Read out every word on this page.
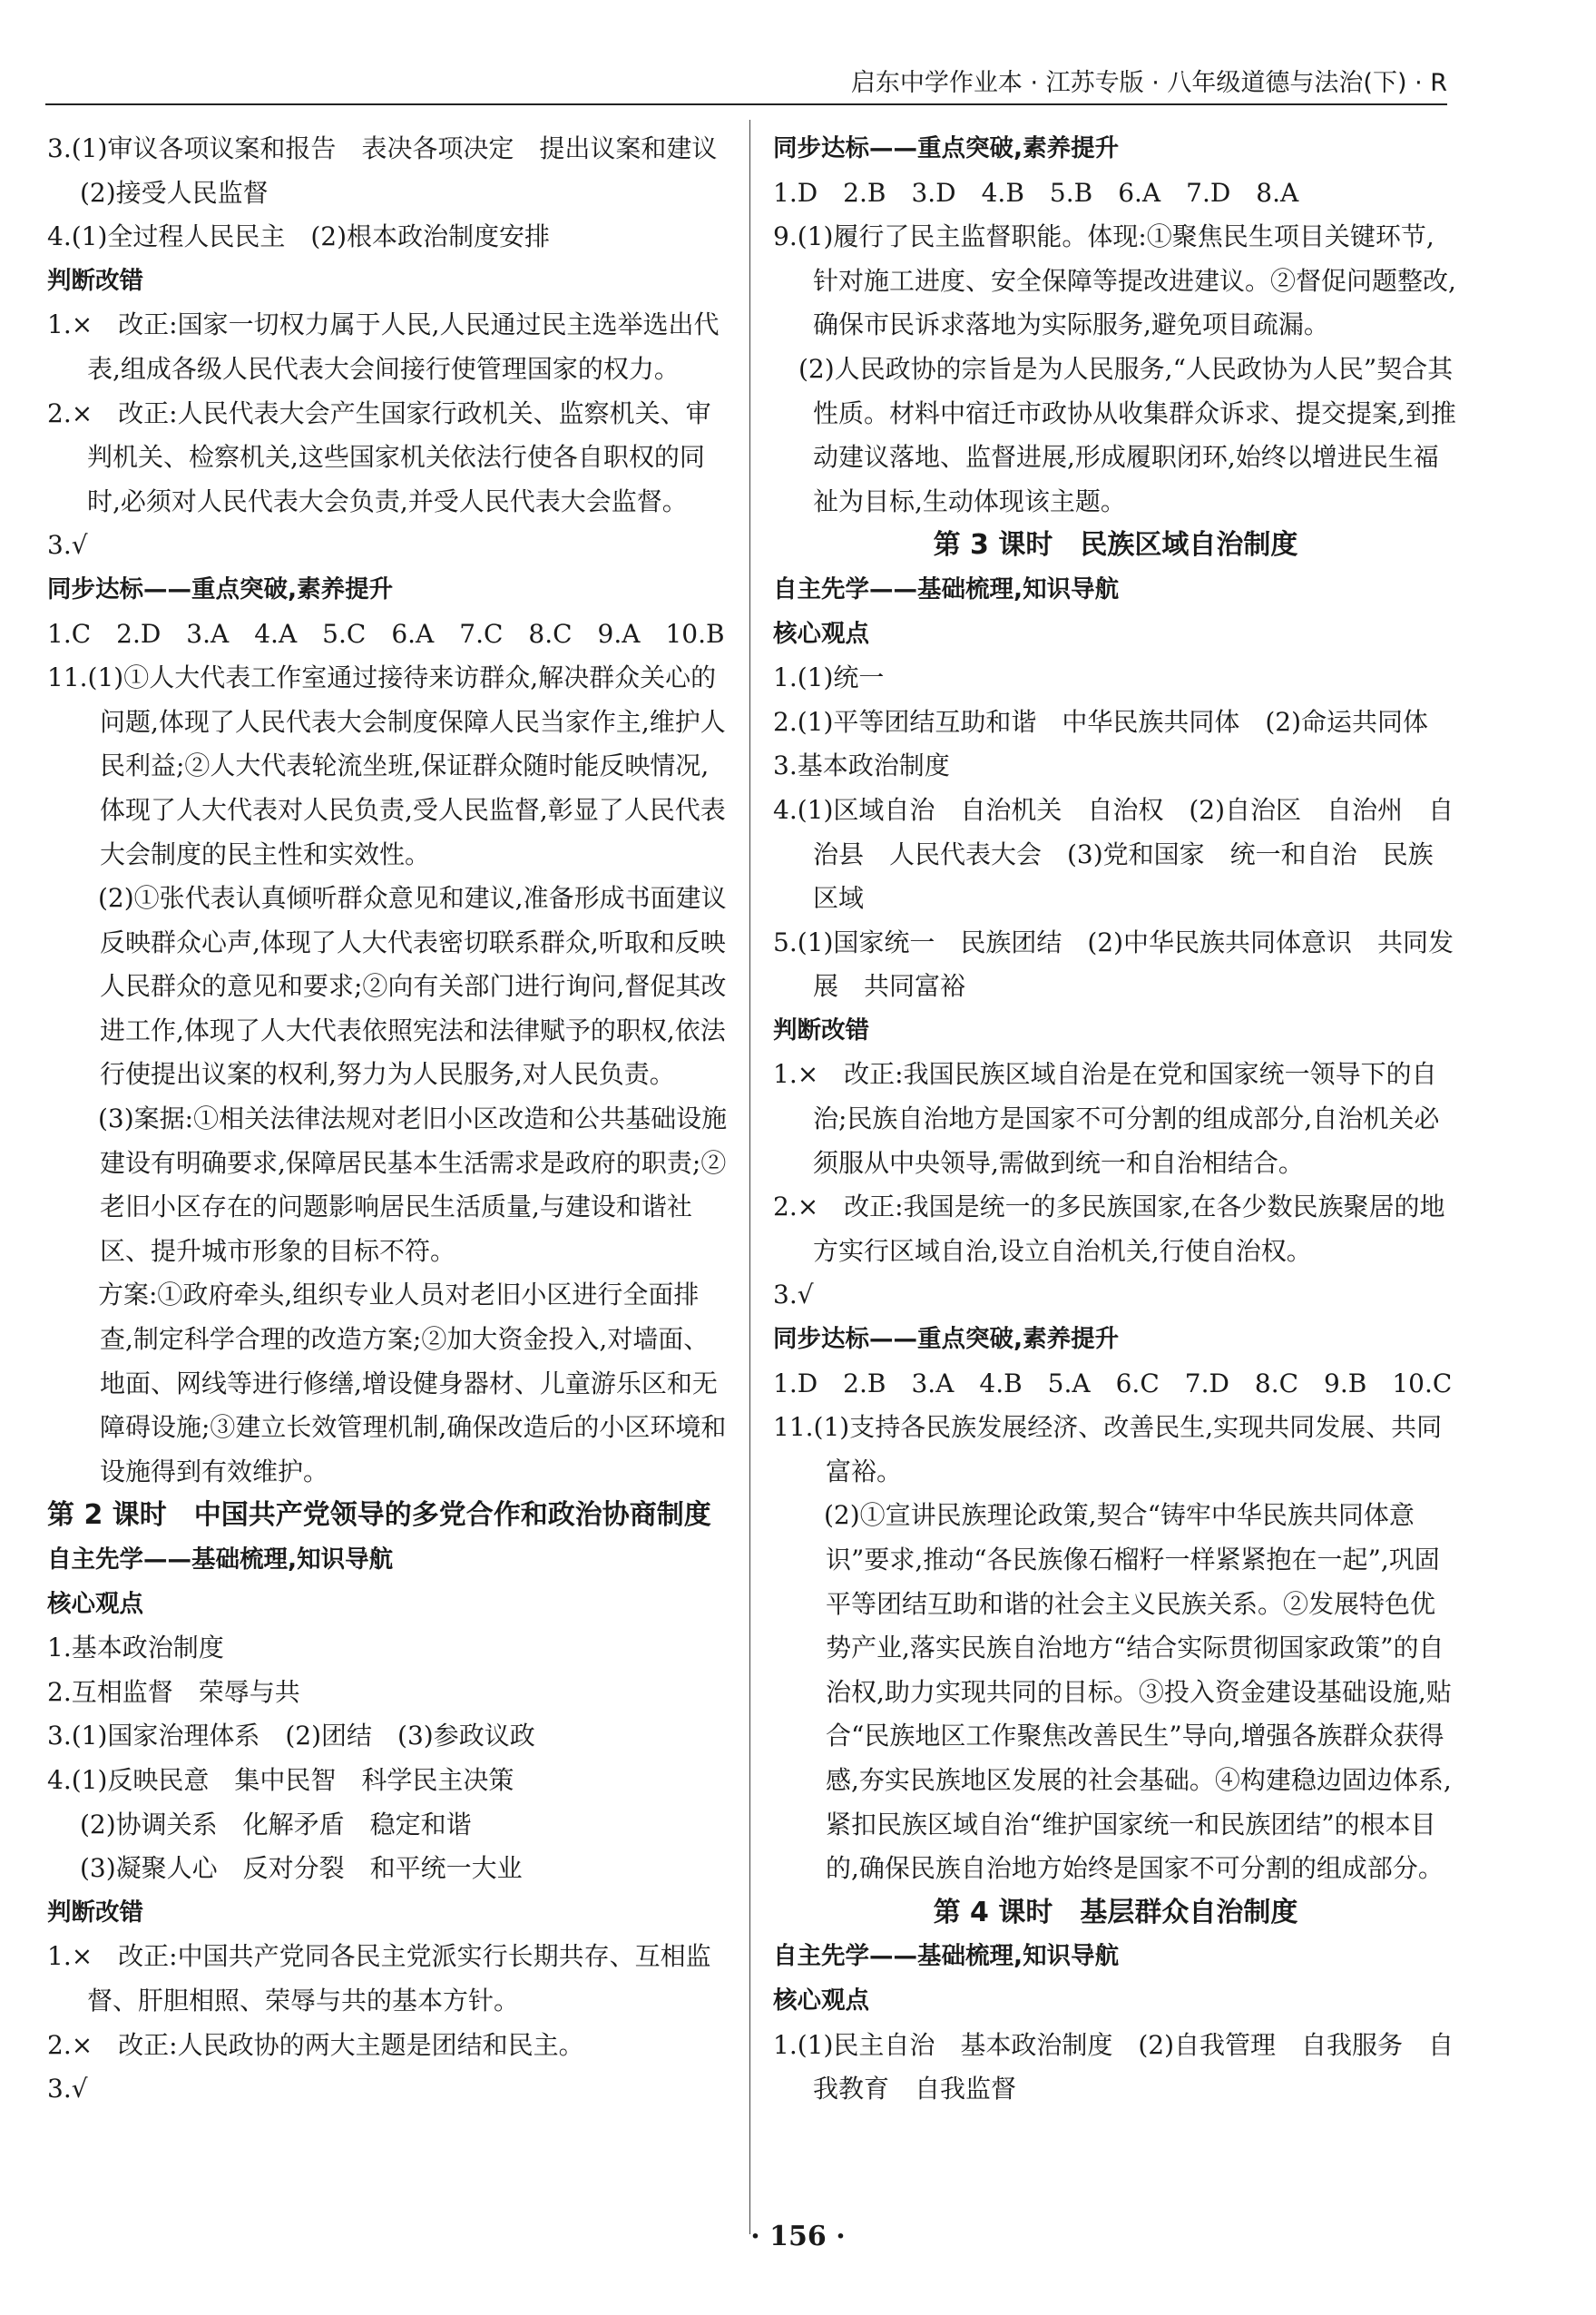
启东中学作业本 · 江苏专版 · 八年级道德与法治(下) · R

3.(1)审议各项议案和报告　表决各项决定　提出议案和建议

(2)接受人民监督

4.(1)全过程人民民主　(2)根本政治制度安排

判断改错

1.×　改正:国家一切权力属于人民,人民通过民主选举选出代表,组成各级人民代表大会间接行使管理国家的权力。

2.×　改正:人民代表大会产生国家行政机关、监察机关、审判机关、检察机关,这些国家机关依法行使各自职权的同时,必须对人民代表大会负责,并受人民代表大会监督。

3.√

同步达标——重点突破,素养提升

1.C　2.D　3.A　4.A　5.C　6.A　7.C　8.C　9.A　10.B

11.(1)①人大代表工作室通过接待来访群众,解决群众关心的问题,体现了人民代表大会制度保障人民当家作主,维护人民利益;②人大代表轮流坐班,保证群众随时能反映情况,体现了人大代表对人民负责,受人民监督,彰显了人民代表大会制度的民主性和实效性。

　　(2)①张代表认真倾听群众意见和建议,准备形成书面建议反映群众心声,体现了人大代表密切联系群众,听取和反映人民群众的意见和要求;②向有关部门进行询问,督促其改进工作,体现了人大代表依照宪法和法律赋予的职权,依法行使提出议案的权利,努力为人民服务,对人民负责。

　　(3)案据:①相关法律法规对老旧小区改造和公共基础设施建设有明确要求,保障居民基本生活需求是政府的职责;②老旧小区存在的问题影响居民生活质量,与建设和谐社区、提升城市形象的目标不符。

　　方案:①政府牵头,组织专业人员对老旧小区进行全面排查,制定科学合理的改造方案;②加大资金投入,对墙面、地面、网线等进行修缮,增设健身器材、儿童游乐区和无障碍设施;③建立长效管理机制,确保改造后的小区环境和设施得到有效维护。

第 2 课时　中国共产党领导的多党合作和政治协商制度

自主先学——基础梳理,知识导航

核心观点

1.基本政治制度

2.互相监督　荣辱与共

3.(1)国家治理体系　(2)团结　(3)参政议政

4.(1)反映民意　集中民智　科学民主决策

(2)协调关系　化解矛盾　稳定和谐

(3)凝聚人心　反对分裂　和平统一大业

判断改错

1.×　改正:中国共产党同各民主党派实行长期共存、互相监督、肝胆相照、荣辱与共的基本方针。

2.×　改正:人民政协的两大主题是团结和民主。

3.√

同步达标——重点突破,素养提升

1.D　2.B　3.D　4.B　5.B　6.A　7.D　8.A

9.(1)履行了民主监督职能。体现:①聚焦民生项目关键环节,针对施工进度、安全保障等提改进建议。②督促问题整改,确保市民诉求落地为实际服务,避免项目疏漏。

　(2)人民政协的宗旨是为人民服务,“人民政协为人民”契合其性质。材料中宿迁市政协从收集群众诉求、提交提案,到推动建议落地、监督进展,形成履职闭环,始终以增进民生福祉为目标,生动体现该主题。

第 3 课时　民族区域自治制度

自主先学——基础梳理,知识导航

核心观点

1.(1)统一

2.(1)平等团结互助和谐　中华民族共同体　(2)命运共同体

3.基本政治制度

4.(1)区域自治　自治机关　自治权　(2)自治区　自治州　自治县　人民代表大会　(3)党和国家　统一和自治　民族　区域

5.(1)国家统一　民族团结　(2)中华民族共同体意识　共同发展　共同富裕

判断改错

1.×　改正:我国民族区域自治是在党和国家统一领导下的自治;民族自治地方是国家不可分割的组成部分,自治机关必须服从中央领导,需做到统一和自治相结合。

2.×　改正:我国是统一的多民族国家,在各少数民族聚居的地方实行区域自治,设立自治机关,行使自治权。

3.√

同步达标——重点突破,素养提升

1.D　2.B　3.A　4.B　5.A　6.C　7.D　8.C　9.B　10.C

11.(1)支持各民族发展经济、改善民生,实现共同发展、共同富裕。

　　(2)①宣讲民族理论政策,契合“铸牢中华民族共同体意识”要求,推动“各民族像石榴籽一样紧紧抱在一起”,巩固平等团结互助和谐的社会主义民族关系。②发展特色优势产业,落实民族自治地方“结合实际贯彻国家政策”的自治权,助力实现共同的目标。③投入资金建设基础设施,贴合“民族地区工作聚焦改善民生”导向,增强各族群众获得感,夯实民族地区发展的社会基础。④构建稳边固边体系,紧扣民族区域自治“维护国家统一和民族团结”的根本目的,确保民族自治地方始终是国家不可分割的组成部分。

第 4 课时　基层群众自治制度

自主先学——基础梳理,知识导航

核心观点

1.(1)民主自治　基本政治制度　(2)自我管理　自我服务　自我教育　自我监督

· 156 ·
